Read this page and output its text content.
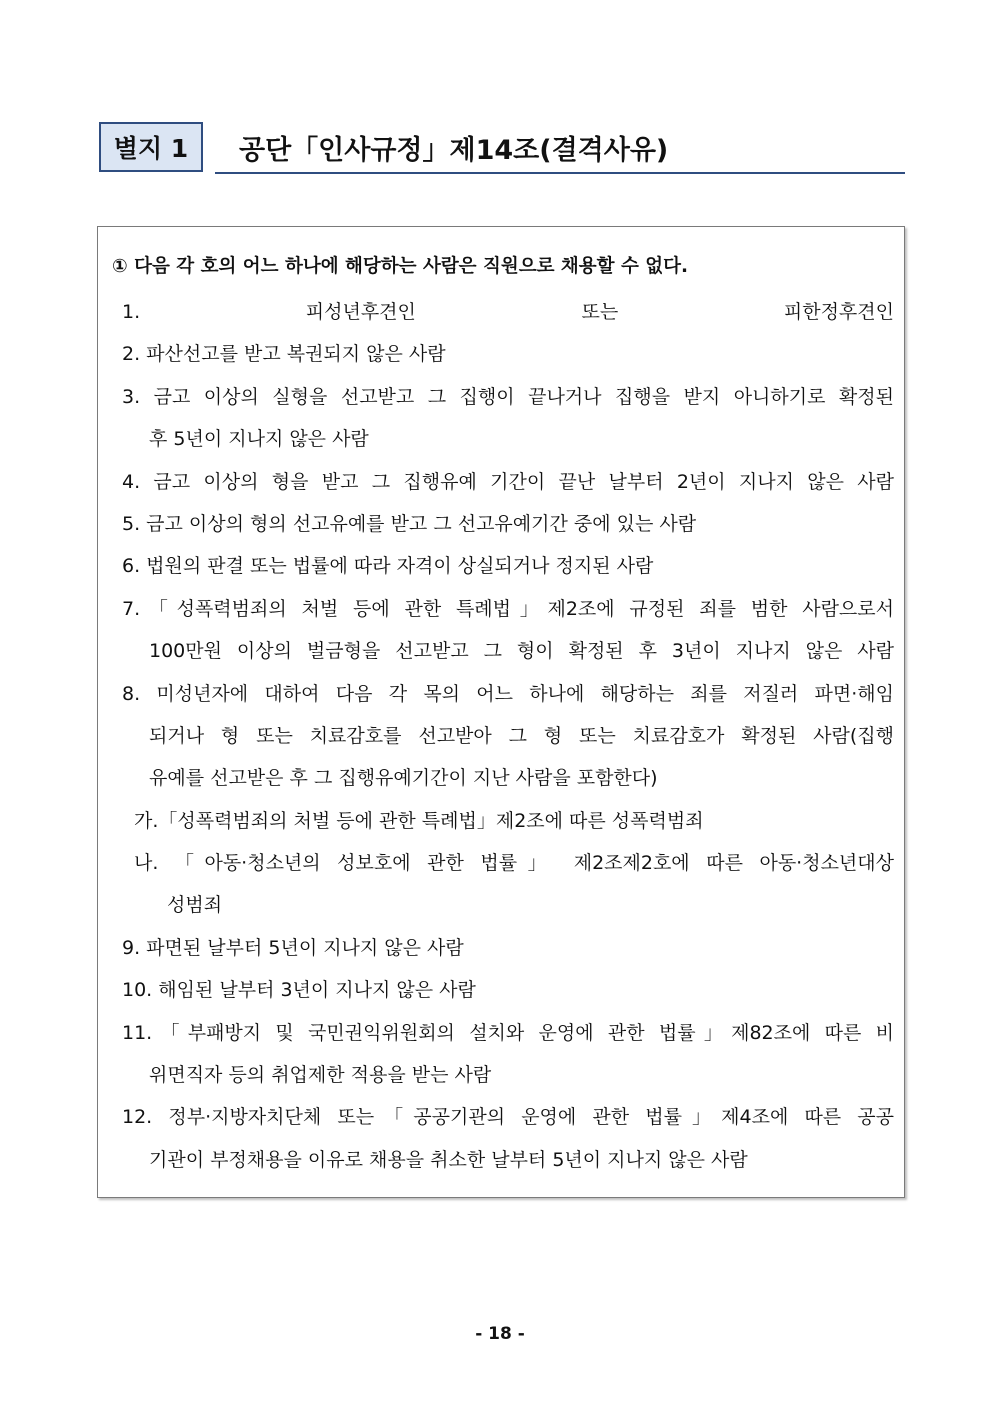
별지 1	공단「인사규정」제14조(결격사유)
① 다음 각 호의 어느 하나에 해당하는 사람은 직원으로 채용할 수 없다.
1. 피성년후견인 또는 피한정후견인
2. 파산선고를 받고 복권되지 않은 사람
3. 금고 이상의 실형을 선고받고 그 집행이 끝나거나 집행을 받지 아니하기로 확정된
후 5년이 지나지 않은 사람
4. 금고 이상의 형을 받고 그 집행유예 기간이 끝난 날부터 2년이 지나지 않은 사람
5. 금고 이상의 형의 선고유예를 받고 그 선고유예기간 중에 있는 사람
6. 법원의 판결 또는 법률에 따라 자격이 상실되거나 정지된 사람
7.「성폭력범죄의 처벌 등에 관한 특례법」제2조에 규정된 죄를 범한 사람으로서
100만원 이상의 벌금형을 선고받고 그 형이 확정된 후 3년이 지나지 않은 사람
8. 미성년자에 대하여 다음 각 목의 어느 하나에 해당하는 죄를 저질러 파면·해임
되거나 형 또는 치료감호를 선고받아 그 형 또는 치료감호가 확정된 사람(집행
유예를 선고받은 후 그 집행유예기간이 지난 사람을 포함한다)
가.「성폭력범죄의 처벌 등에 관한 특례법」제2조에 따른 성폭력범죄
나. 「아동·청소년의 성보호에 관한 법률」 제2조제2호에 따른 아동·청소년대상
성범죄
9. 파면된 날부터 5년이 지나지 않은 사람
10. 해임된 날부터 3년이 지나지 않은 사람
11.「부패방지 및 국민권익위원회의 설치와 운영에 관한 법률」제82조에 따른 비
위면직자 등의 취업제한 적용을 받는 사람
12. 정부·지방자치단체 또는「공공기관의 운영에 관한 법률」제4조에 따른 공공
기관이 부정채용을 이유로 채용을 취소한 날부터 5년이 지나지 않은 사람
- 18 -
